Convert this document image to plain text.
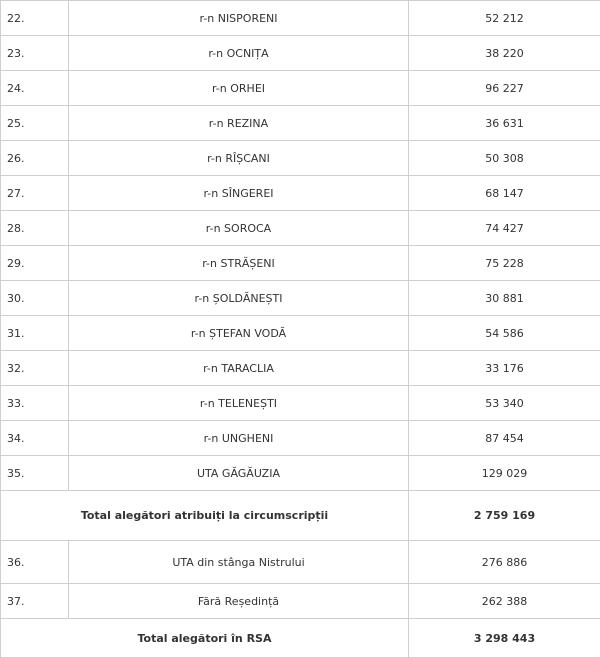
22.	r-n NISPORENI	52 212
23.	r-n OCNIȚA	38 220
24.	r-n ORHEI	96 227
25.	r-n REZINA	36 631
26.	r-n RÎȘCANI	50 308
27.	r-n SÎNGEREI	68 147
28.	r-n SOROCA	74 427
29.	r-n STRĂȘENI	75 228
30.	r-n ȘOLDĂNEȘTI	30 881
31.	r-n ȘTEFAN VODĂ	54 586
32.	r-n TARACLIA	33 176
33.	r-n TELENEȘTI	53 340
34.	r-n UNGHENI	87 454
35.	UTA GĂGĂUZIA	129 029
Total alegători atribuiți la circumscripții		2 759 169
36.	UTA din stânga Nistrului	276 886
37.	Fără Reședință	262 388
Total alegători în RSA		3 298 443
